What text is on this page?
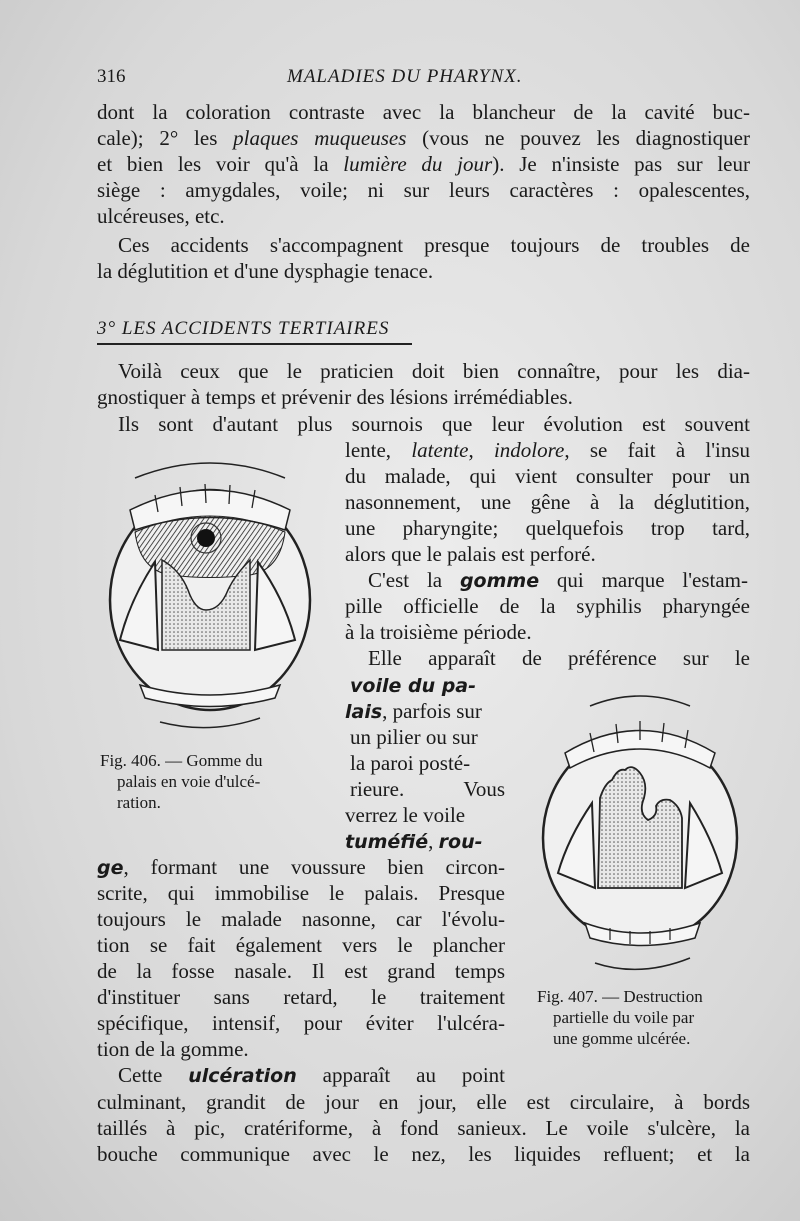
316	MALADIES DU PHARYNX.
dont la coloration contraste avec la blancheur de la cavité buc-
cale); 2° les plaques muqueuses (vous ne pouvez les diagnostiquer
et bien les voir qu'à la lumière du jour). Je n'insiste pas sur leur
siège : amygdales, voile; ni sur leurs caractères : opalescentes,
ulcéreuses, etc.
Ces accidents s'accompagnent presque toujours de troubles de
la déglutition et d'une dysphagie tenace.
3° LES ACCIDENTS TERTIAIRES
Voilà ceux que le praticien doit bien connaître, pour les dia-
gnostiquer à temps et prévenir des lésions irrémédiables.
Ils sont d'autant plus sournois que leur évolution est souvent
lente, latente, indolore, se fait à l'insu
du malade, qui vient consulter pour un
nasonnement, une gêne à la déglutition,
une pharyngite; quelquefois trop tard,
alors que le palais est perforé.
C'est la gomme qui marque l'estam-
pille officielle de la syphilis pharyngée
à la troisième période.
Elle apparaît de préférence sur le
voile du pa-
lais, parfois sur
un pilier ou sur
la paroi posté-
rieure. Vous
verrez le voile
tuméfié, rou-
ge, formant une voussure bien circon-
scrite, qui immobilise le palais. Presque
toujours le malade nasonne, car l'évolu-
tion se fait également vers le plancher
de la fosse nasale. Il est grand temps
d'instituer sans retard, le traitement
spécifique, intensif, pour éviter l'ulcéra-
tion de la gomme.
Cette ulcération apparaît au point
culminant, grandit de jour en jour, elle est circulaire, à bords
taillés à pic, cratériforme, à fond sanieux. Le voile s'ulcère, la
bouche communique avec le nez, les liquides refluent; et la
Fig. 406. — Gomme du
palais en voie d'ulcé-
ration.
Fig. 407. — Destruction
partielle du voile par
une gomme ulcérée.
